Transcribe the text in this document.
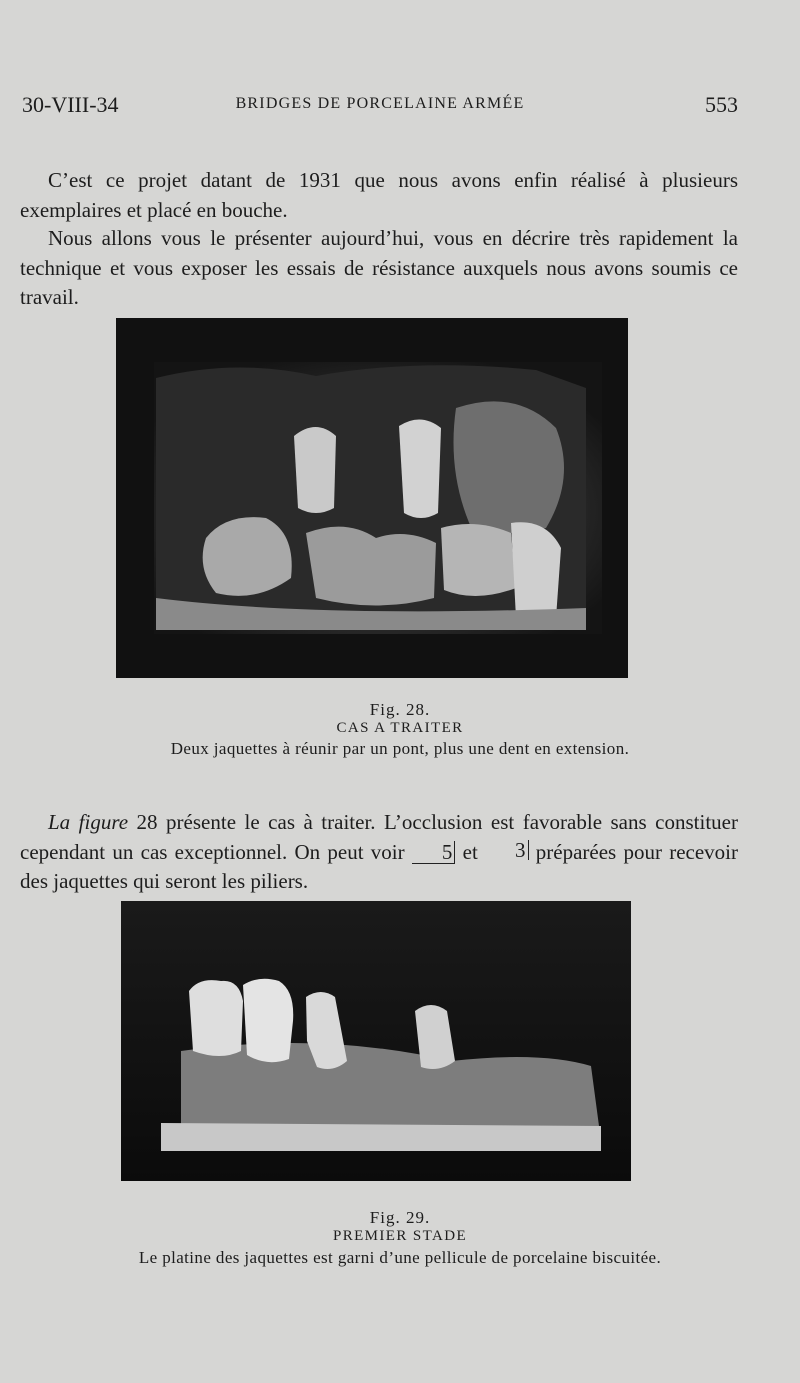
30-VIII-34	BRIDGES DE PORCELAINE ARMÉE	553

C’est ce projet datant de 1931 que nous avons enfin réalisé à plusieurs exemplaires et placé en bouche.

Nous allons vous le présenter aujourd’hui, vous en décrire très rapidement la technique et vous exposer les essais de résistance auxquels nous avons soumis ce travail.

Fig. 28.
CAS A TRAITER
Deux jaquettes à réunir par un pont, plus une dent en extension.

La figure 28 présente le cas à traiter. L’occlusion est favorable sans constituer cependant un cas exceptionnel. On peut voir 5 et 3 préparées pour recevoir des jaquettes qui seront les piliers.

Fig. 29.
PREMIER STADE
Le platine des jaquettes est garni d’une pellicule de porcelaine biscuitée.
